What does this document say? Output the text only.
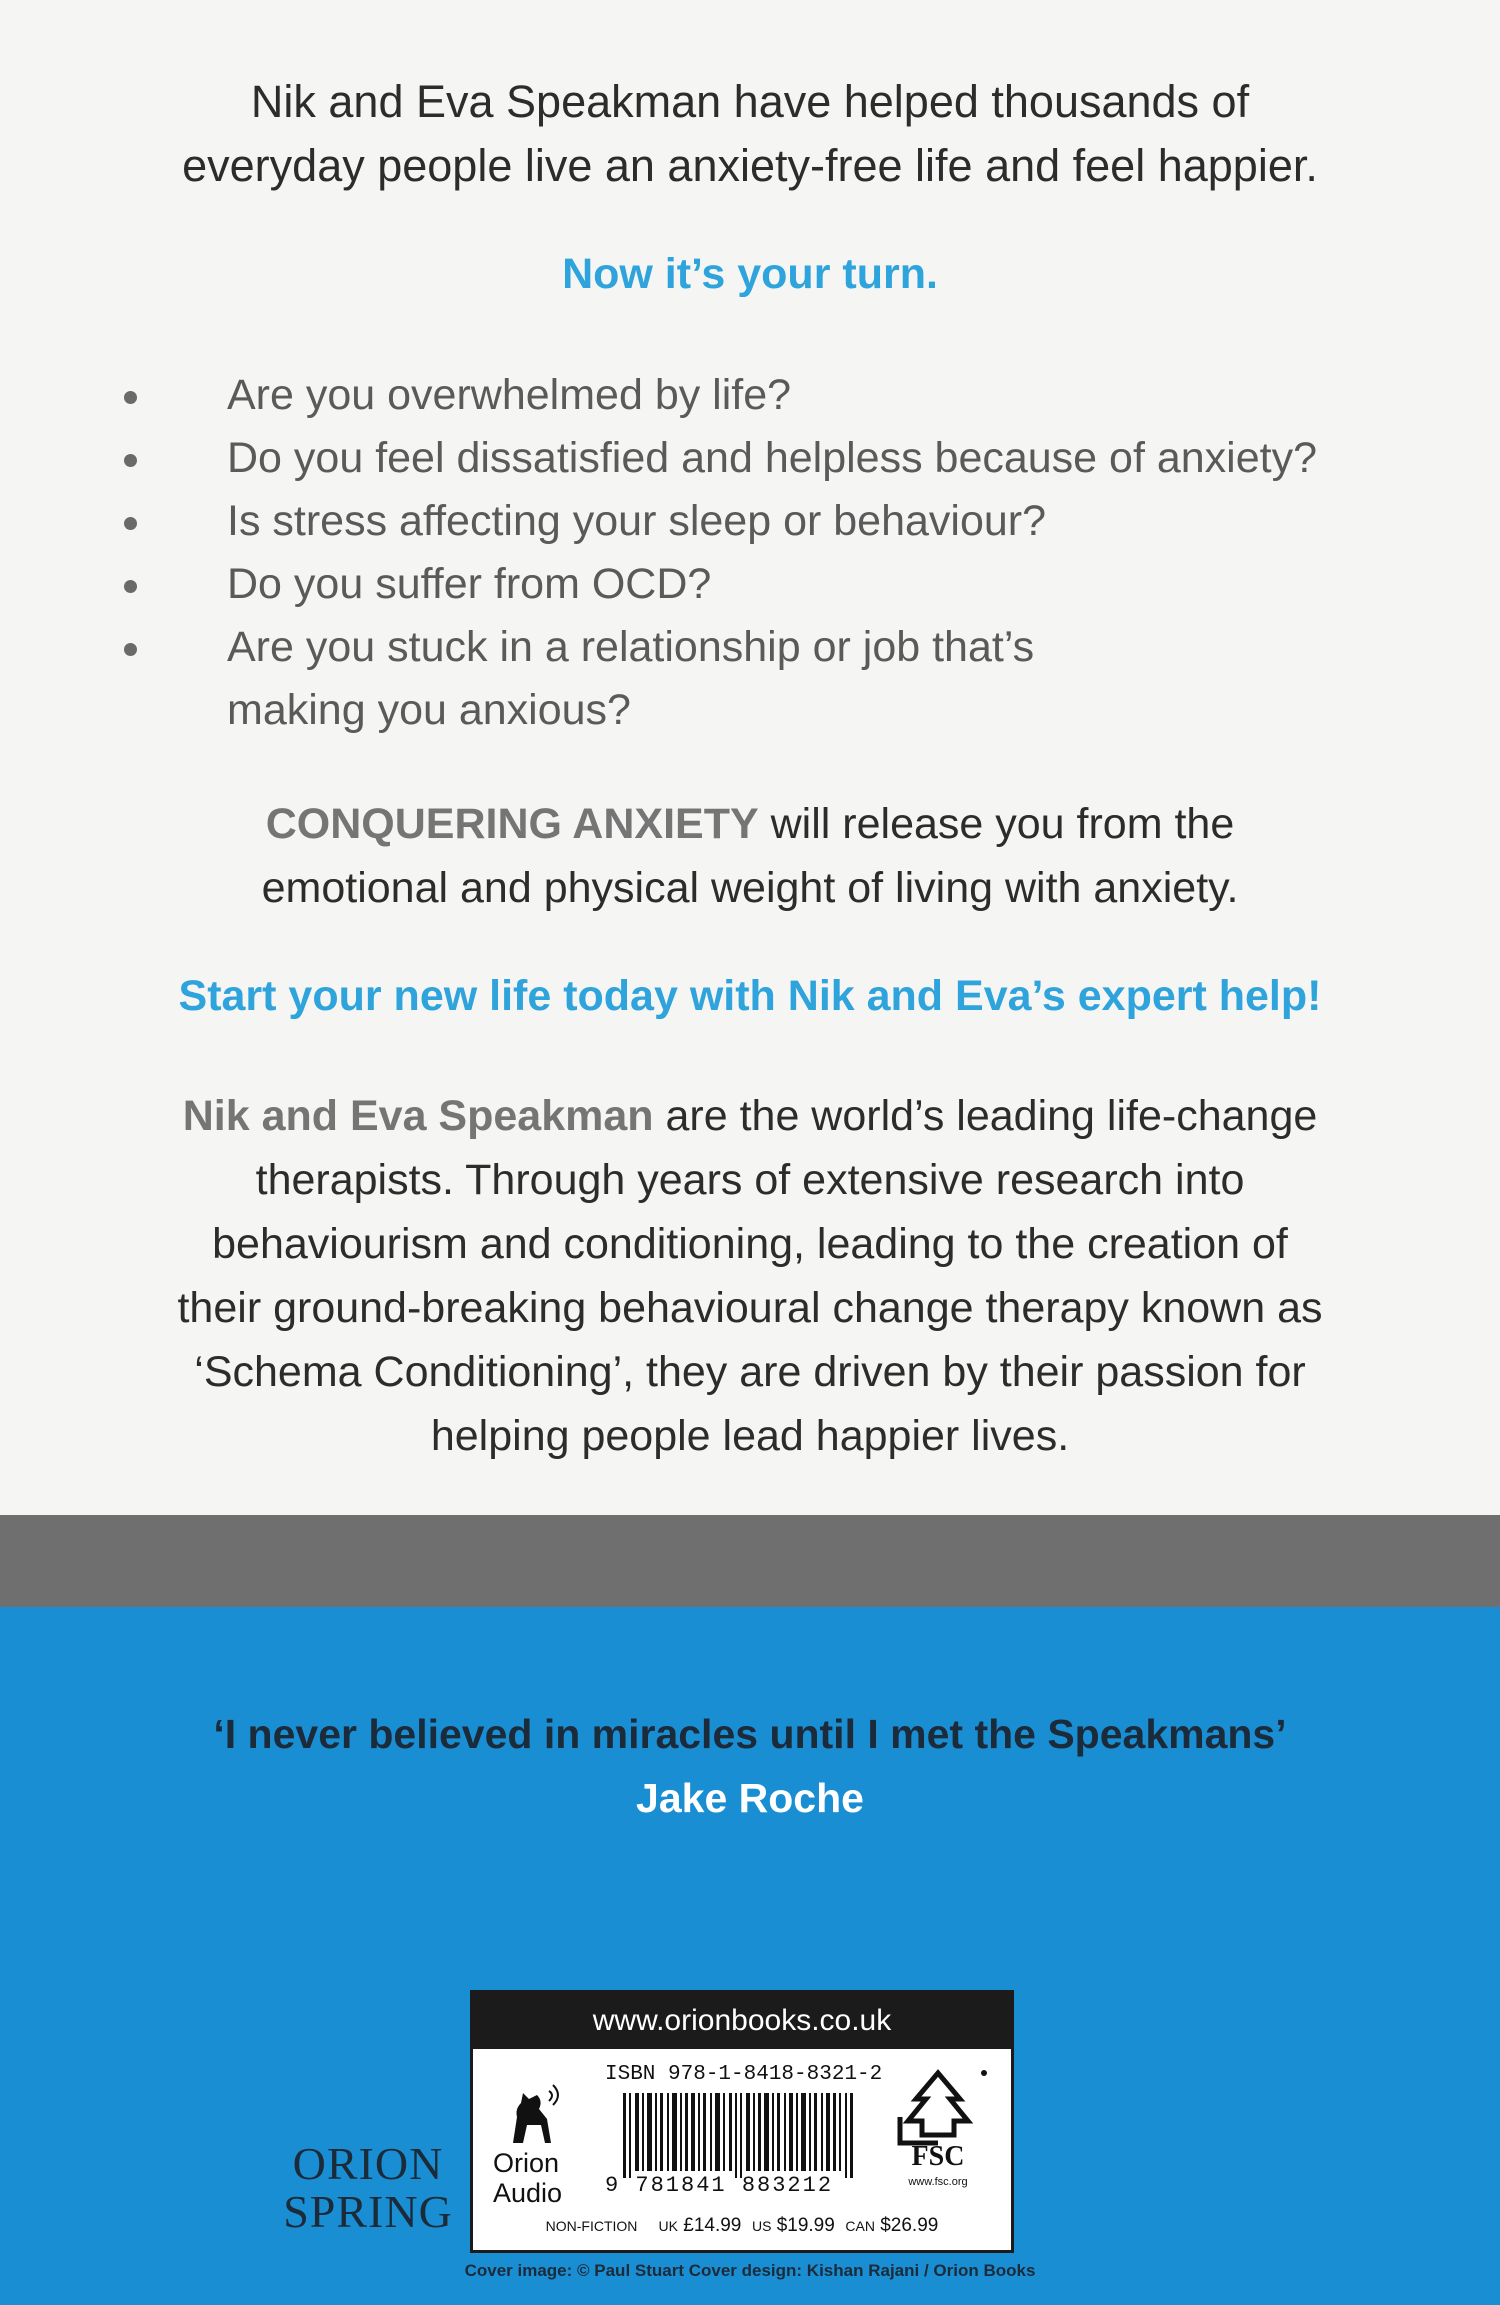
Nik and Eva Speakman have helped thousands of
everyday people live an anxiety-free life and feel happier.
Now it’s your turn.
Are you overwhelmed by life?
Do you feel dissatisfied and helpless because of anxiety?
Is stress affecting your sleep or behaviour?
Do you suffer from OCD?
Are you stuck in a relationship or job that’s
making you anxious?
CONQUERING ANXIETY will release you from the
emotional and physical weight of living with anxiety.
Start your new life today with Nik and Eva’s expert help!
Nik and Eva Speakman are the world’s leading life-change
therapists. Through years of extensive research into
behaviourism and conditioning, leading to the creation of
their ground-breaking behavioural change therapy known as
‘Schema Conditioning’, they are driven by their passion for
helping people lead happier lives.
‘I never believed in miracles until I met the Speakmans’
Jake Roche
ORION
SPRING
www.orionbooks.co.uk
ISBN 978-1-8418-8321-2
Orion
Audio 9 781841 883212
FSC
www.fsc.org
NON-FICTION UK £14.99 US $19.99 CAN $26.99
Cover image: © Paul Stuart Cover design: Kishan Rajani / Orion Books
